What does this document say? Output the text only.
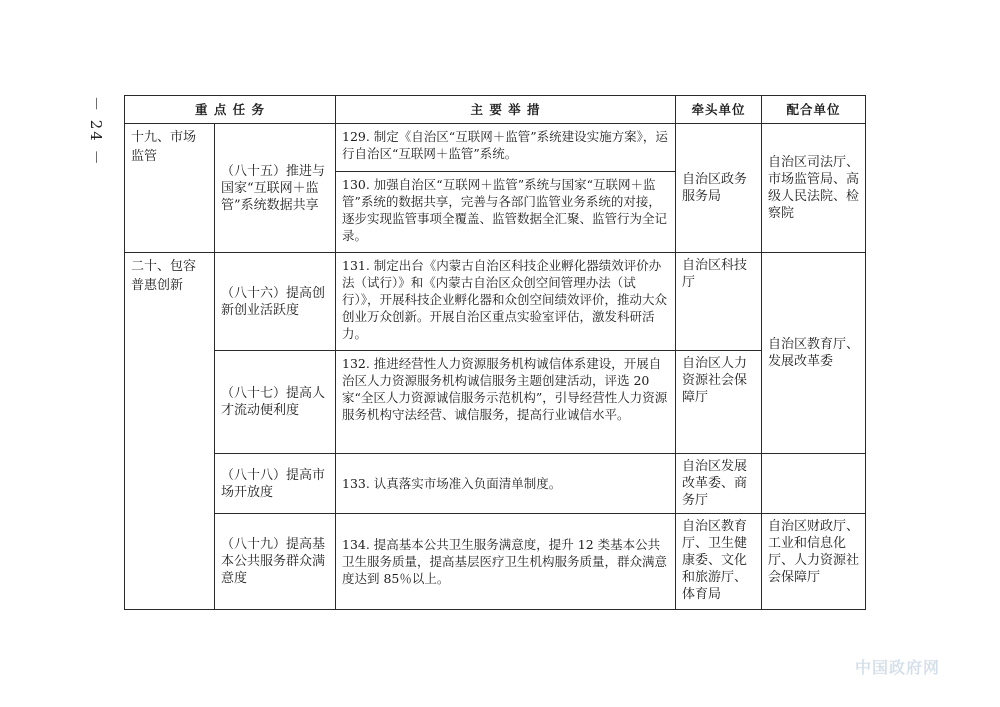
－ 24 －	重 点 任 务		主 要 举 措	牵头单位	配合单位
十九、市场监管	（八十五）推进与国家“互联网＋监管”系统数据共享	129. 制定《自治区“互联网＋监管”系统建设实施方案》，运行自治区“互联网＋监管”系统。	自治区政务服务局	自治区司法厅、市场监管局、高级人民法院、检察院
		130. 加强自治区“互联网＋监管”系统与国家“互联网＋监管”系统的数据共享，完善与各部门监管业务系统的对接，逐步实现监管事项全覆盖、监管数据全汇聚、监管行为全记录。		
二十、包容普惠创新	（八十六）提高创新创业活跃度	131. 制定出台《内蒙古自治区科技企业孵化器绩效评价办法（试行）》和《内蒙古自治区众创空间管理办法（试行）》，开展科技企业孵化器和众创空间绩效评价，推动大众创业万众创新。开展自治区重点实验室评估，激发科研活力。	自治区科技厅	自治区教育厅、发展改革委
	（八十七）提高人才流动便利度	132. 推进经营性人力资源服务机构诚信体系建设，开展自治区人力资源服务机构诚信服务主题创建活动，评选 20 家“全区人力资源诚信服务示范机构”，引导经营性人力资源服务机构守法经营、诚信服务，提高行业诚信水平。	自治区人力资源社会保障厅	
	（八十八）提高市场开放度	133. 认真落实市场准入负面清单制度。	自治区发展改革委、商务厅	
	（八十九）提高基本公共服务群众满意度	134. 提高基本公共卫生服务满意度，提升 12 类基本公共卫生服务质量，提高基层医疗卫生机构服务质量，群众满意度达到 85％以上。	自治区教育厅、卫生健康委、文化和旅游厅、体育局	自治区财政厅、工业和信息化厅、人力资源社会保障厅
中国政府网
